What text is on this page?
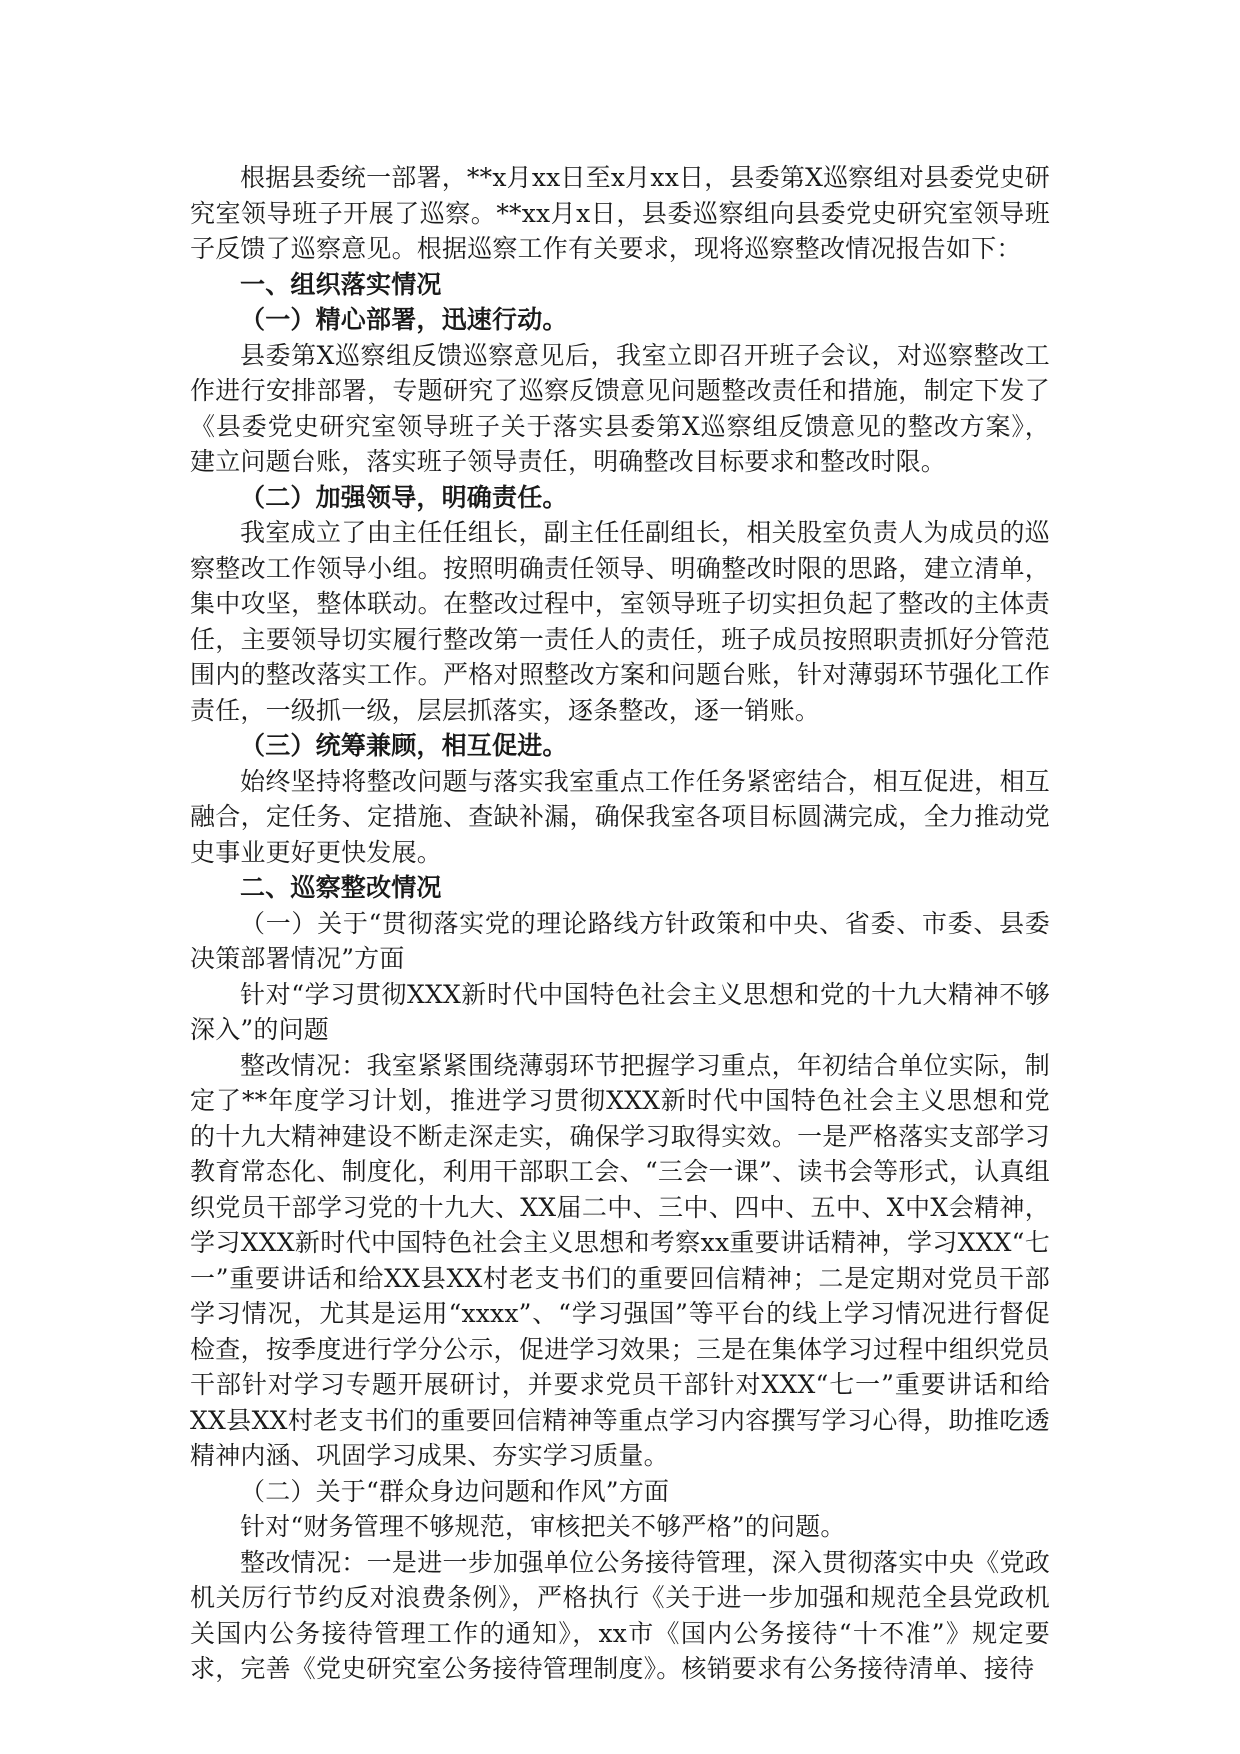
根据县委统一部署，**x月xx日至x月xx日，县委第X巡察组对县委党史研究室领导班子开展了巡察。**xx月x日，县委巡察组向县委党史研究室领导班子反馈了巡察意见。根据巡察工作有关要求，现将巡察整改情况报告如下：

一、组织落实情况
（一）精心部署，迅速行动。

县委第X巡察组反馈巡察意见后，我室立即召开班子会议，对巡察整改工作进行安排部署，专题研究了巡察反馈意见问题整改责任和措施，制定下发了《县委党史研究室领导班子关于落实县委第X巡察组反馈意见的整改方案》，建立问题台账，落实班子领导责任，明确整改目标要求和整改时限。

（二）加强领导，明确责任。

我室成立了由主任任组长，副主任任副组长，相关股室负责人为成员的巡察整改工作领导小组。按照明确责任领导、明确整改时限的思路，建立清单，集中攻坚，整体联动。在整改过程中，室领导班子切实担负起了整改的主体责任，主要领导切实履行整改第一责任人的责任，班子成员按照职责抓好分管范围内的整改落实工作。严格对照整改方案和问题台账，针对薄弱环节强化工作责任，一级抓一级，层层抓落实，逐条整改，逐一销账。

（三）统筹兼顾，相互促进。

始终坚持将整改问题与落实我室重点工作任务紧密结合，相互促进，相互融合，定任务、定措施、查缺补漏，确保我室各项目标圆满完成，全力推动党史事业更好更快发展。

二、巡察整改情况

（一）关于“贯彻落实党的理论路线方针政策和中央、省委、市委、县委决策部署情况”方面

针对“学习贯彻XXX新时代中国特色社会主义思想和党的十九大精神不够深入”的问题

整改情况：我室紧紧围绕薄弱环节把握学习重点，年初结合单位实际，制定了**年度学习计划，推进学习贯彻XXX新时代中国特色社会主义思想和党的十九大精神建设不断走深走实，确保学习取得实效。一是严格落实支部学习教育常态化、制度化，利用干部职工会、“三会一课”、读书会等形式，认真组织党员干部学习党的十九大、XX届二中、三中、四中、五中、X中X会精神，学习XXX新时代中国特色社会主义思想和考察xx重要讲话精神，学习XXX“七一”重要讲话和给XX县XX村老支书们的重要回信精神；二是定期对党员干部学习情况，尤其是运用“xxxx”、“学习强国”等平台的线上学习情况进行督促检查，按季度进行学分公示，促进学习效果；三是在集体学习过程中组织党员干部针对学习专题开展研讨，并要求党员干部针对XXX“七一”重要讲话和给XX县XX村老支书们的重要回信精神等重点学习内容撰写学习心得，助推吃透精神内涵、巩固学习成果、夯实学习质量。

（二）关于“群众身边问题和作风”方面

针对“财务管理不够规范，审核把关不够严格”的问题。

整改情况：一是进一步加强单位公务接待管理，深入贯彻落实中央《党政机关厉行节约反对浪费条例》，严格执行《关于进一步加强和规范全县党政机关国内公务接待管理工作的通知》，xx市《国内公务接待“十不准”》规定要求，完善《党史研究室公务接待管理制度》。核销要求有公务接待清单、接待
